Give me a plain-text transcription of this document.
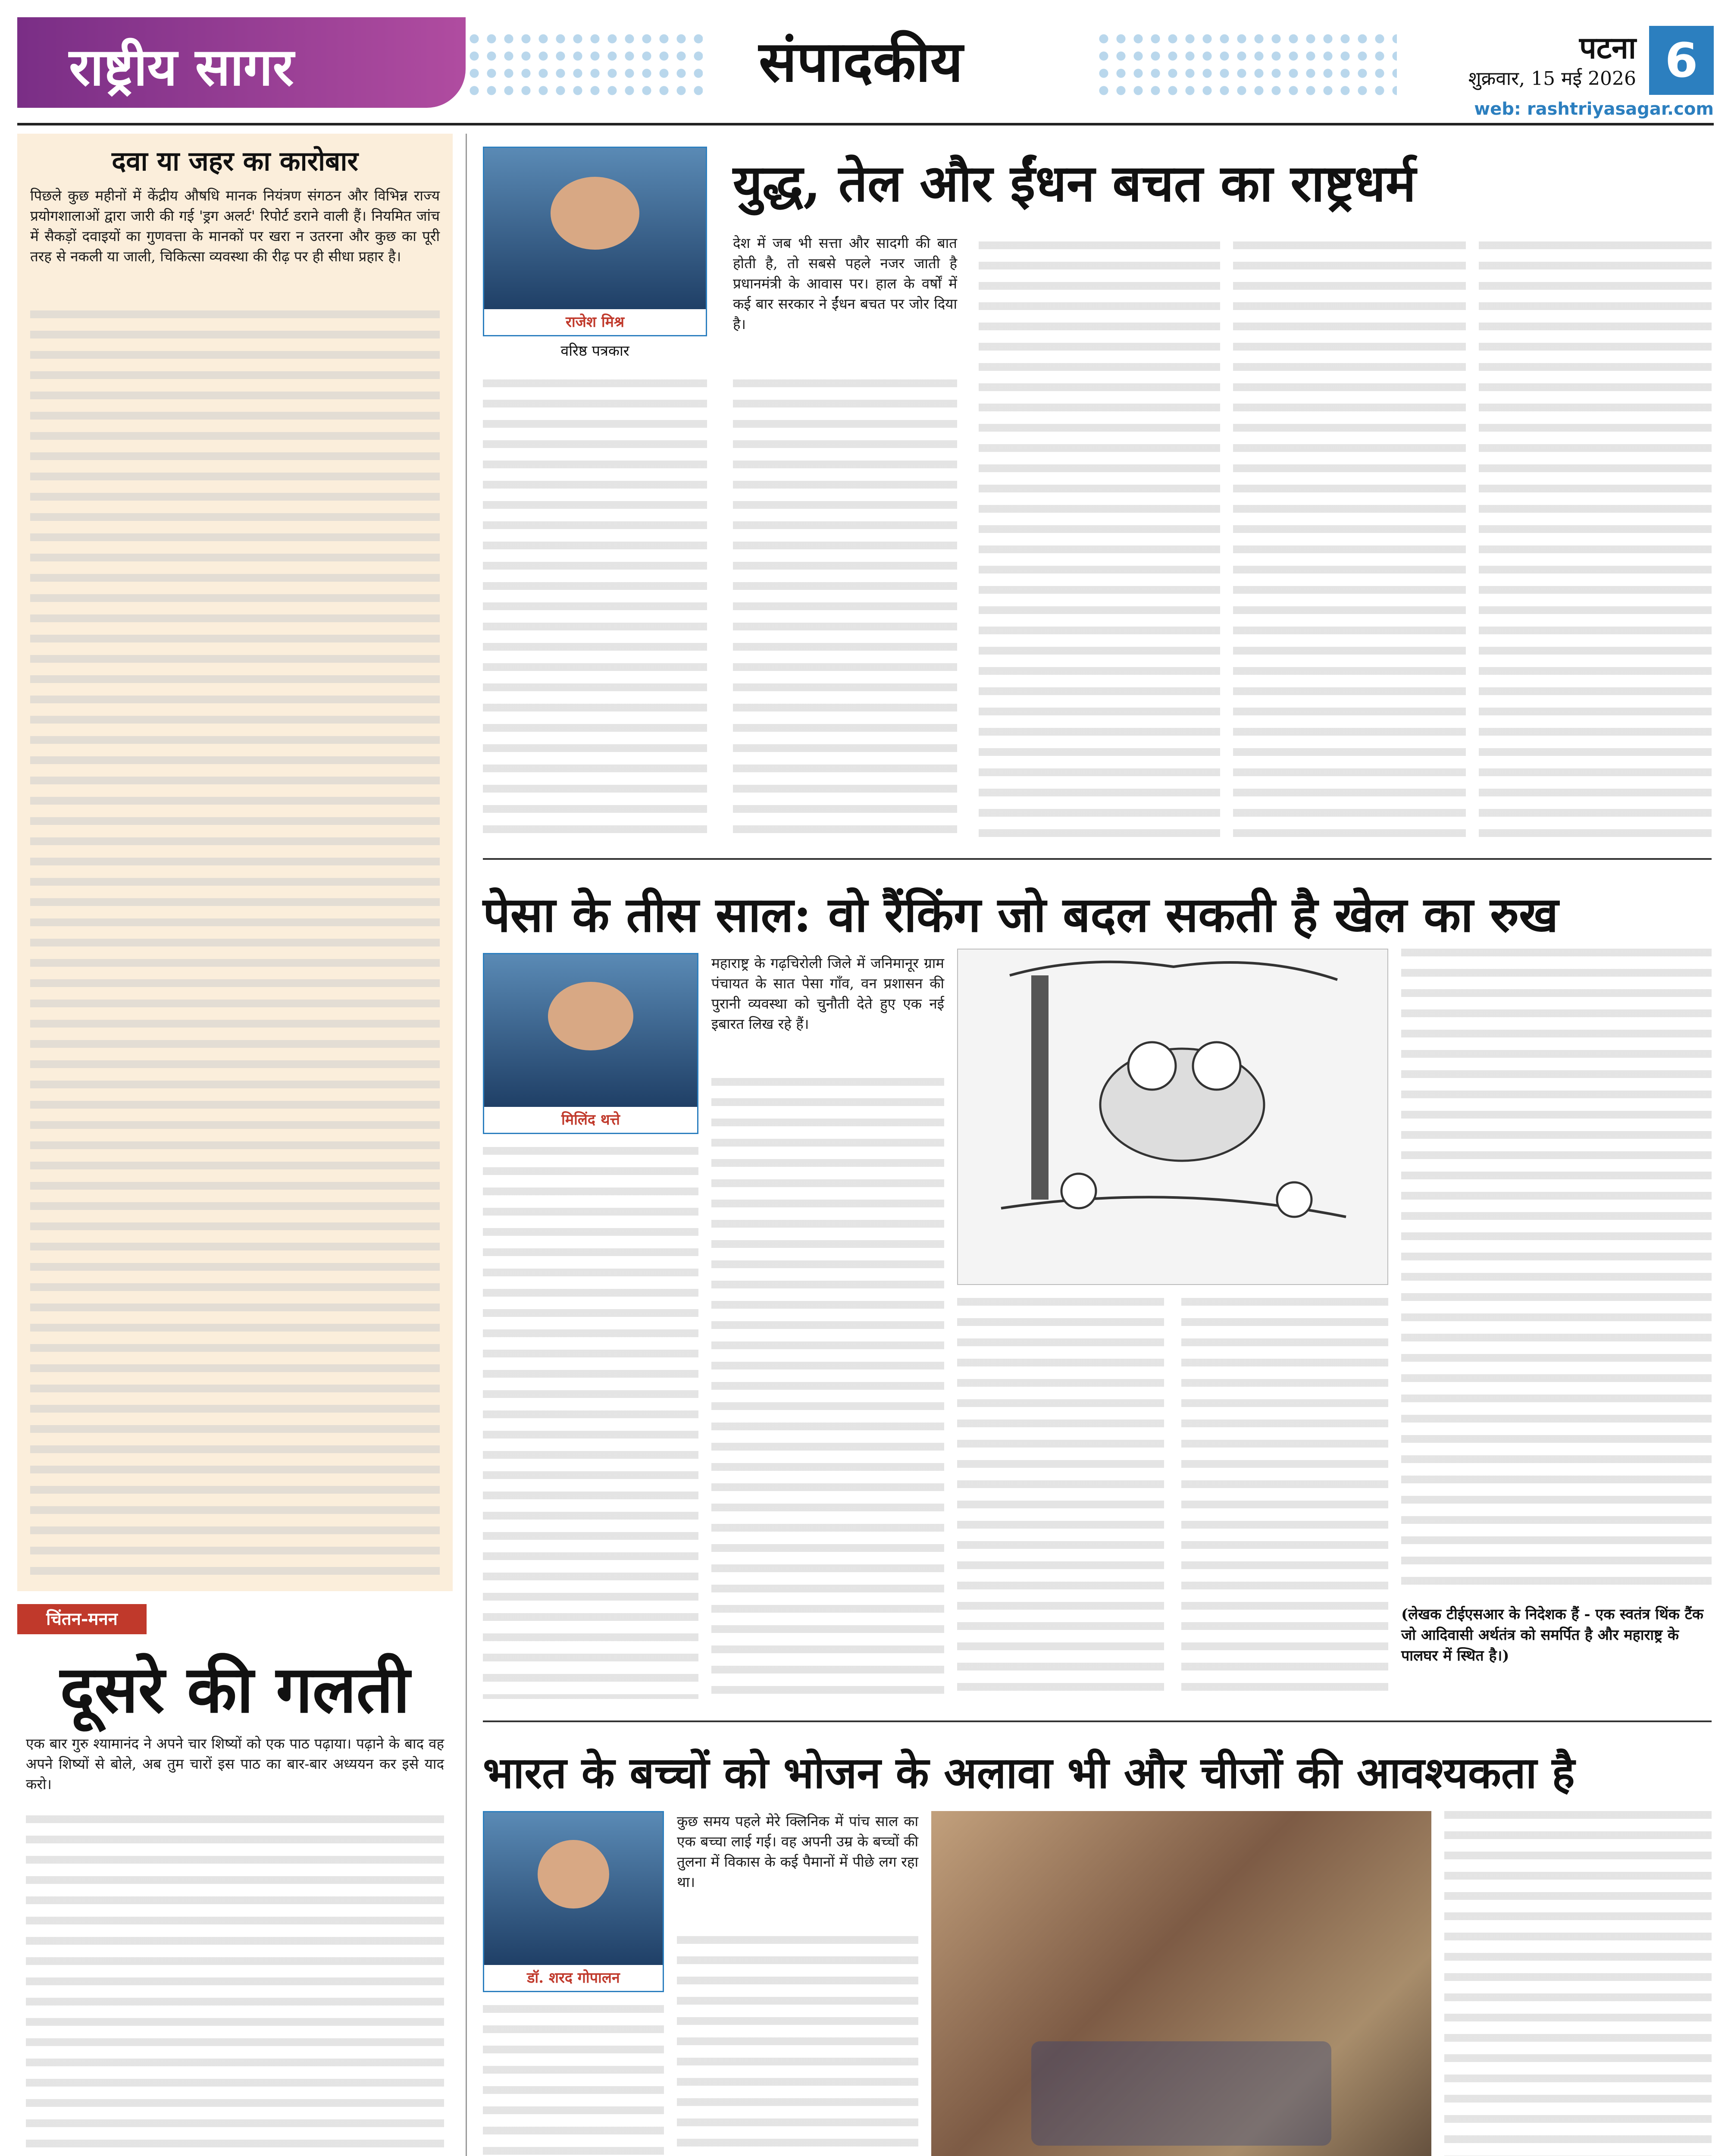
राष्ट्रीय सागर	संपादकीय	पटना
शुक्रवार, 15 मई 2026 6
web: rashtriyasagar.com
दवा या जहर का कारोबार

पिछले कुछ महीनों में केंद्रीय औषधि मानक नियंत्रण संगठन और विभिन्न राज्य प्रयोगशालाओं द्वारा जारी की गई 'ड्रग अलर्ट' रिपोर्ट डराने वाली हैं। नियमित जांच में सैकड़ों दवाइयों का गुणवत्ता के मानकों पर खरा न उतरना और कुछ का पूरी तरह से नकली या जाली, चिकित्सा व्यवस्था की रीढ़ पर ही सीधा प्रहार है।

चिंतन-मनन
दूसरे की गलती

एक बार गुरु श्यामानंद ने अपने चार शिष्यों को एक पाठ पढ़ाया। पढ़ाने के बाद वह अपने शिष्यों से बोले, अब तुम चारों इस पाठ का बार-बार अध्ययन कर इसे याद करो।

राजेश मिश्र
वरिष्ठ पत्रकार
युद्ध, तेल और ईंधन बचत का राष्ट्रधर्म

देश में जब भी सत्ता और सादगी की बात होती है, तो सबसे पहले नजर जाती है प्रधानमंत्री के आवास पर। हाल के वर्षों में कई बार सरकार ने ईंधन बचत पर जोर दिया है।

पेसा के तीस साल: वो रैंकिंग जो बदल सकती है खेल का रुख
मिलिंद थत्ते

महाराष्ट्र के गढ़चिरोली जिले में जनिमानूर ग्राम पंचायत के सात पेसा गाँव, वन प्रशासन की पुरानी व्यवस्था को चुनौती देते हुए एक नई इबारत लिख रहे हैं।

(लेखक टीईएसआर के निदेशक हैं - एक स्वतंत्र थिंक टैंक जो आदिवासी अर्थतंत्र को समर्पित है और महाराष्ट्र के पालघर में स्थित है।)

भारत के बच्चों को भोजन के अलावा भी और चीजों की आवश्यकता है
डॉ. शरद गोपालन

कुछ समय पहले मेरे क्लिनिक में पांच साल का एक बच्चा लाई गई। वह अपनी उम्र के बच्चों की तुलना में विकास के कई पैमानों में पीछे लग रहा था।
